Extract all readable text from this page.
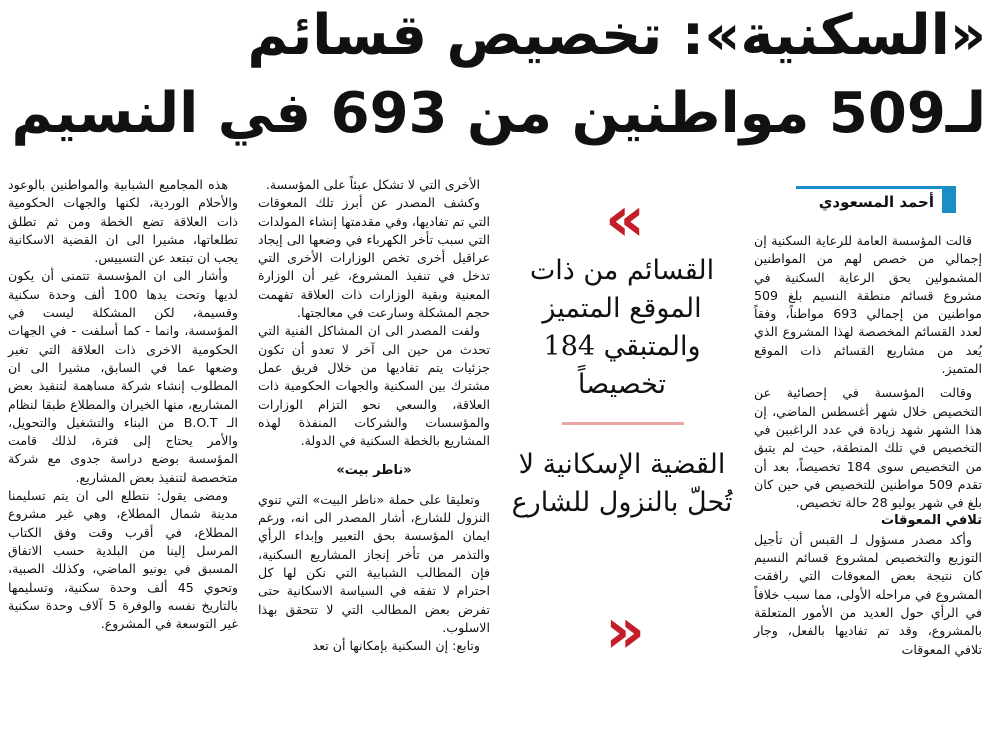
«السكنية»: تخصيص قسائم
لـ509 مواطنين من 693 في النسيم
أحمد المسعودي

قالت المؤسسة العامة للرعاية السكنية إن إجمالي من خصص لهم من المواطنين المشمولين بحق الرعاية السكنية في مشروع قسائم منطقة النسيم بلغ 509 مواطنين من إجمالي 693 مواطناً، وفقاً لعدد القسائم المخصصة لهذا المشروع الذي يُعد من مشاريع القسائم ذات الموقع المتميز.

وقالت المؤسسة في إحصائية عن التخصيص خلال شهر أغسطس الماضي، إن هذا الشهر شهد زيادة في عدد الراغبين في التخصيص في تلك المنطقة، حيث لم يتبق من التخصيص سوى 184 تخصيصاً، بعد أن تقدم 509 مواطنين للتخصيص في حين كان بلغ في شهر يوليو 28 حالة تخصيص.

تلافي المعوقات

وأكد مصدر مسؤول لـ القبس أن تأجيل التوزيع والتخصيص لمشروع قسائم النسيم كان نتيجة بعض المعوقات التي رافقت المشروع في مراحله الأولى، مما سبب خلافاً في الرأي حول العديد من الأمور المتعلقة بالمشروع، وقد تم تفاديها بالفعل، وجار تلافي المعوقات

»
القسائم من ذات الموقع المتميز والمتبقي 184 تخصيصاً
القضية الإسكانية لا تُحلّ بالنزول للشارع
«

الأخرى التي لا تشكل عبئاً على المؤسسة.

وكشف المصدر عن أبرز تلك المعوقات التي تم تفاديها، وفي مقدمتها إنشاء المولدات التي سبب تأخر الكهرباء في وضعها الى إيجاد عراقيل أخرى تخص الوزارات الأخرى التي تدخل في تنفيذ المشروع، غير أن الوزارة المعنية وبقية الوزارات ذات العلاقة تفهمت حجم المشكلة وسارعت في معالجتها.

ولفت المصدر الى ان المشاكل الفنية التي تحدث من حين الى آخر لا تعدو أن تكون جزئيات يتم تفاديها من خلال فريق عمل مشترك بين السكنية والجهات الحكومية ذات العلاقة، والسعي نحو التزام الوزارات والمؤسسات والشركات المنفذة لهذه المشاريع بالخطة السكنية في الدولة.

«ناطر بيت»

وتعليقا على حملة «ناطر البيت» التي تنوي النزول للشارع، أشار المصدر الى انه، ورغم ايمان المؤسسة بحق التعبير وإبداء الرأي والتذمر من تأخر إنجاز المشاريع السكنية، فإن المطالب الشبابية التي نكن لها كل احترام لا تفقه في السياسة الاسكانية حتى تفرض بعض المطالب التي لا تتحقق بهذا الاسلوب.

وتابع: إن السكنية بإمكانها أن تعد

هذه المجاميع الشبابية والمواطنين بالوعود والأحلام الوردية، لكنها والجهات الحكومية ذات العلاقة تضع الخطة ومن ثم تطلق تطلعاتها، مشيرا الى ان القضية الاسكانية يجب ان تبتعد عن التسييس.

وأشار الى ان المؤسسة تتمنى أن يكون لديها وتحت يدها 100 ألف وحدة سكنية وقسيمة، لكن المشكلة ليست في المؤسسة، وانما - كما أسلفت - في الجهات الحكومية الاخرى ذات العلاقة التي تغير وضعها عما في السابق، مشيرا الى ان المطلوب إنشاء شركة مساهمة لتنفيذ بعض المشاريع، منها الخيران والمطلاع طبقا لنظام الـ B.O.T من البناء والتشغيل والتحويل، والأمر يحتاج إلى فترة، لذلك قامت المؤسسة بوضع دراسة جدوى مع شركة متخصصة لتنفيذ بعض المشاريع.

ومضى يقول: نتطلع الى ان يتم تسليمنا مدينة شمال المطلاع، وهي غير مشروع المطلاع، في أقرب وقت وفق الكتاب المرسل إلينا من البلدية حسب الاتفاق المسبق في يونيو الماضي، وكذلك الصبية، وتحوي 45 ألف وحدة سكنية، وتسليمها بالتاريخ نفسه والوفرة 5 آلاف وحدة سكنية غير التوسعة في المشروع.
